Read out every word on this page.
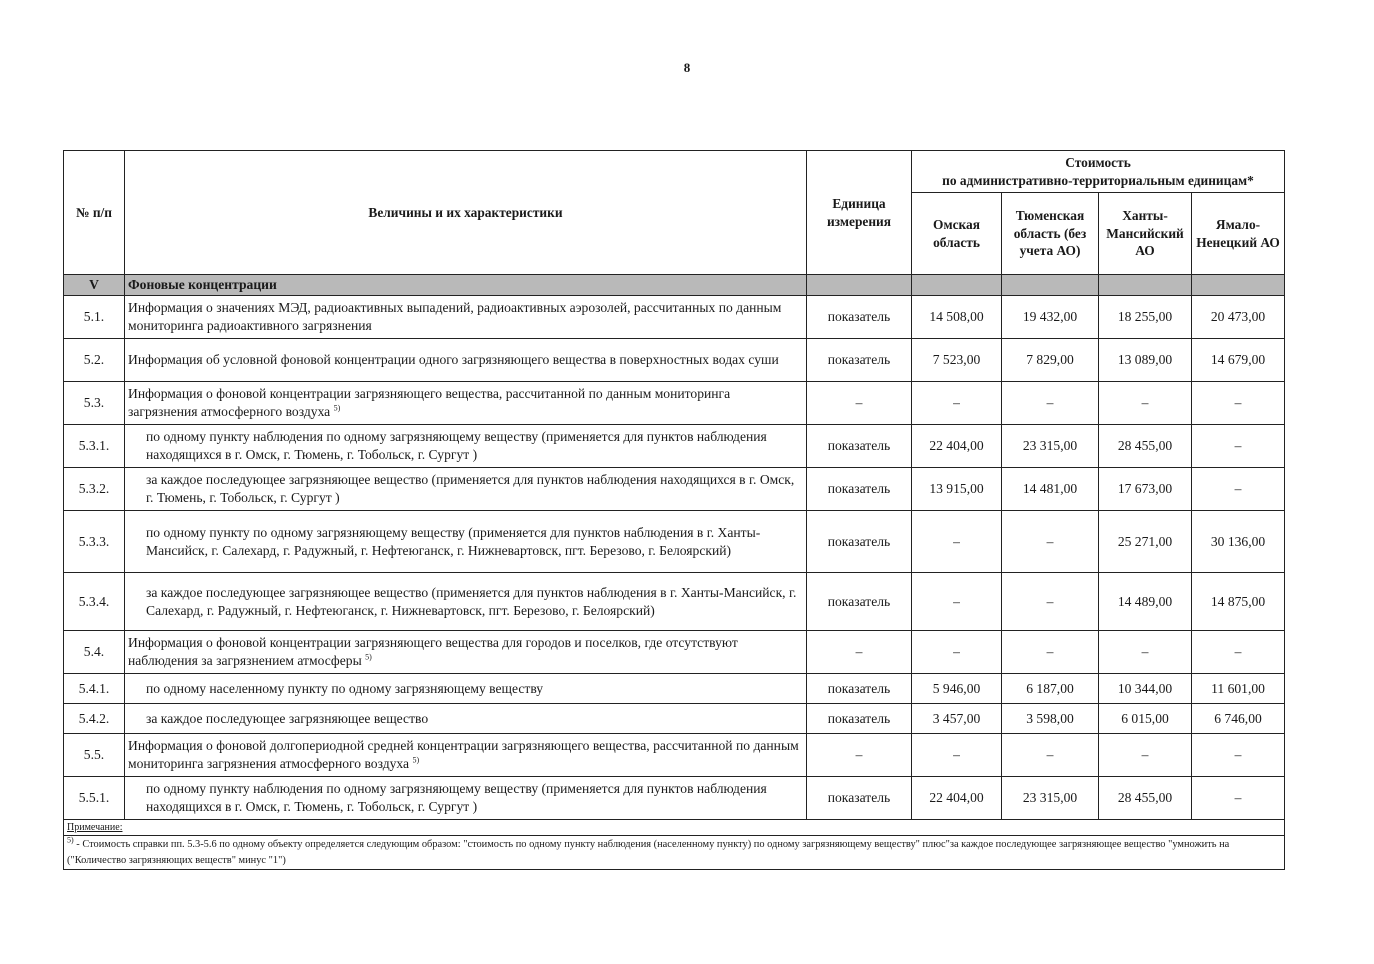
8
№ п/п	Величины и их характеристики	Единица измерения	Стоимость
по административно-территориальным единицам*			
			Омская область	Тюменская область (без учета АО)	Ханты-Мансийский АО	Ямало-Ненецкий АО
V	Фоновые концентрации					
5.1.	Информация о значениях МЭД, радиоактивных выпадений, радиоактивных аэрозолей, рассчитанных по данным мониторинга радиоактивного загрязнения	показатель	14 508,00	19 432,00	18 255,00	20 473,00
5.2.	Информация об условной фоновой концентрации одного загрязняющего вещества в поверхностных водах суши	показатель	7 523,00	7 829,00	13 089,00	14 679,00
5.3.	Информация о фоновой концентрации загрязняющего вещества, рассчитанной по данным мониторинга загрязнения атмосферного воздуха $^{5)}$	–	–	–	–	–
5.3.1.	по одному пункту наблюдения по одному загрязняющему веществу (применяется для пунктов наблюдения находящихся в г. Омск, г. Тюмень, г. Тобольск, г. Сургут )	показатель	22 404,00	23 315,00	28 455,00	–
5.3.2.	за каждое последующее загрязняющее вещество (применяется для пунктов наблюдения находящихся в г. Омск, г. Тюмень, г. Тобольск, г. Сургут )	показатель	13 915,00	14 481,00	17 673,00	–
5.3.3.	по одному пункту по одному загрязняющему веществу (применяется для пунктов наблюдения в г. Ханты-Мансийск, г. Салехард, г. Радужный, г. Нефтеюганск, г. Нижневартовск, пгт. Березово, г. Белоярский)	показатель	–	–	25 271,00	30 136,00
5.3.4.	за каждое последующее загрязняющее вещество (применяется для пунктов наблюдения в г. Ханты-Мансийск, г. Салехард, г. Радужный, г. Нефтеюганск, г. Нижневартовск, пгт. Березово, г. Белоярский)	показатель	–	–	14 489,00	14 875,00
5.4.	Информация о фоновой концентрации загрязняющего вещества для городов и поселков, где отсутствуют наблюдения за загрязнением атмосферы $^{5)}$	–	–	–	–	–
5.4.1.	по одному населенному пункту по одному загрязняющему веществу	показатель	5 946,00	6 187,00	10 344,00	11 601,00
5.4.2.	за каждое последующее загрязняющее вещество	показатель	3 457,00	3 598,00	6 015,00	6 746,00
5.5.	Информация о фоновой долгопериодной средней концентрации загрязняющего вещества, рассчитанной по данным мониторинга загрязнения атмосферного воздуха $^{5)}$	–	–	–	–	–
5.5.1.	по одному пункту наблюдения по одному загрязняющему веществу (применяется для пунктов наблюдения находящихся в г. Омск, г. Тюмень, г. Тобольск, г. Сургут )	показатель	22 404,00	23 315,00	28 455,00	–
Примечание:						
$^{5)}$ - Стоимость справки пп. 5.3-5.6 по одному объекту определяется следующим образом: "стоимость по одному пункту наблюдения (населенному пункту) по одному загрязняющему веществу" плюс"за каждое последующее загрязняющее вещество "умножить на ("Количество загрязняющих веществ" минус "1")						
